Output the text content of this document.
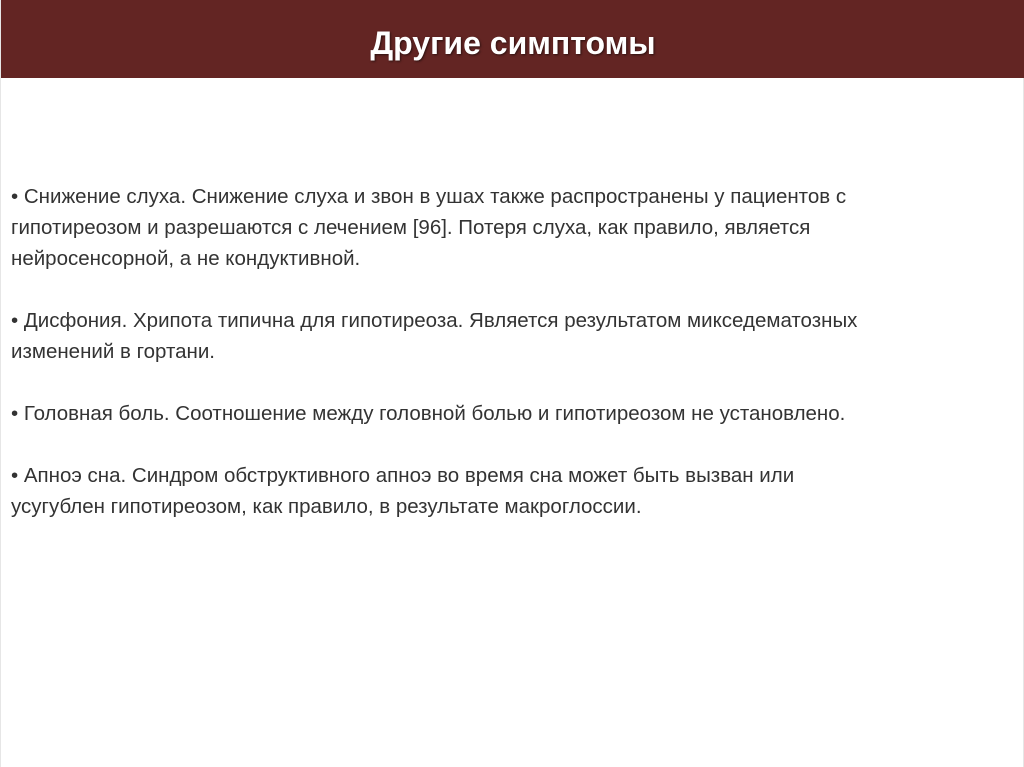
Другие симптомы
• Снижение слуха. Снижение слуха и звон в ушах также распространены у пациентов с
гипотиреозом и разрешаются с лечением [96]. Потеря слуха, как правило, является
нейросенсорной, а не кондуктивной.
• Дисфония. Хрипота типична для гипотиреоза. Является результатом микседематозных
изменений в гортани.
• Головная боль. Соотношение между головной болью и гипотиреозом не установлено.
• Апноэ сна. Синдром обструктивного апноэ во время сна может быть вызван или
усугублен гипотиреозом, как правило, в результате макроглоссии.
